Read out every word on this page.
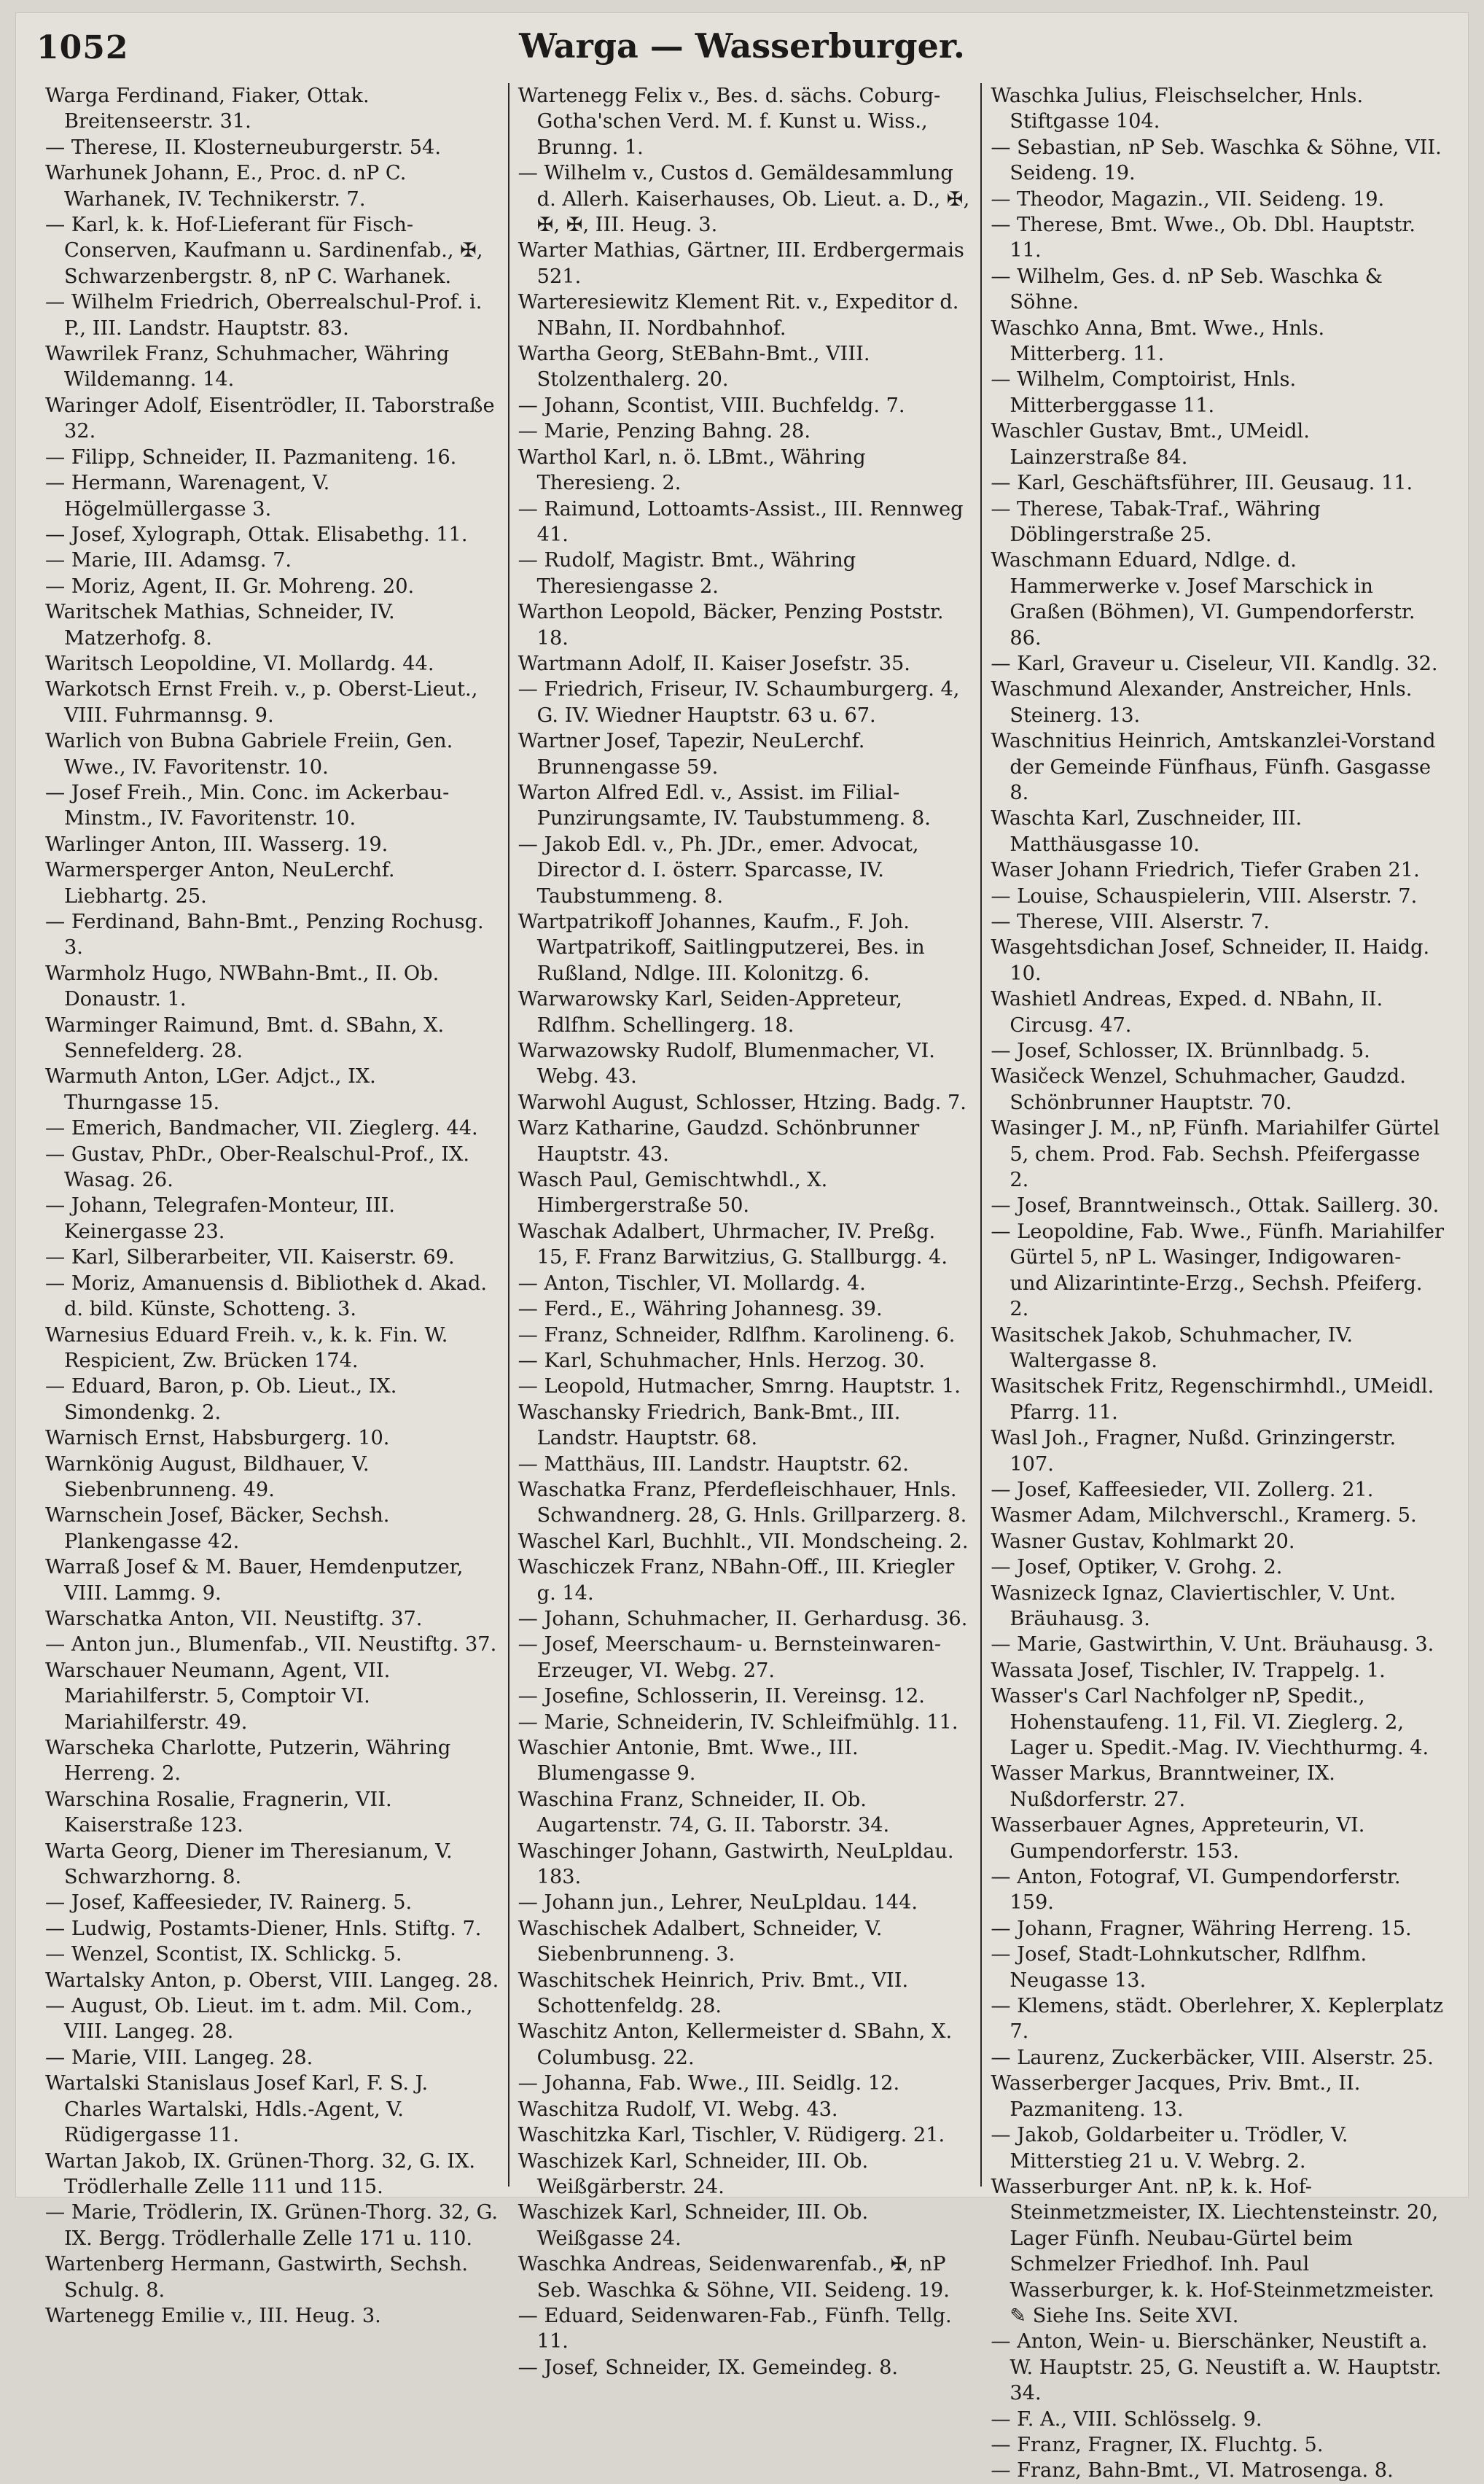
1052	Warga — Wasserburger.

Warga Ferdinand, Fiaker, Ottak. Breitenseerstr. 31.

— Therese, II. Klosterneuburgerstr. 54.

Warhunek Johann, E., Proc. d. nP C. Warhanek, IV. Technikerstr. 7.

— Karl, k. k. Hof-Lieferant für Fisch-Conserven, Kaufmann u. Sardinenfab., ✠, Schwarzenbergstr. 8, nP C. Warhanek.

— Wilhelm Friedrich, Oberrealschul-Prof. i. P., III. Landstr. Hauptstr. 83.

Wawrilek Franz, Schuhmacher, Währing Wildemanng. 14.

Waringer Adolf, Eisentrödler, II. Taborstraße 32.

— Filipp, Schneider, II. Pazmaniteng. 16.

— Hermann, Warenagent, V. Högelmüllergasse 3.

— Josef, Xylograph, Ottak. Elisabethg. 11.

— Marie, III. Adamsg. 7.

— Moriz, Agent, II. Gr. Mohreng. 20.

Waritschek Mathias, Schneider, IV. Matzerhofg. 8.

Waritsch Leopoldine, VI. Mollardg. 44.

Warkotsch Ernst Freih. v., p. Oberst-Lieut., VIII. Fuhrmannsg. 9.

Warlich von Bubna Gabriele Freiin, Gen. Wwe., IV. Favoritenstr. 10.

— Josef Freih., Min. Conc. im Ackerbau-Minstm., IV. Favoritenstr. 10.

Warlinger Anton, III. Wasserg. 19.

Warmersperger Anton, NeuLerchf. Liebhartg. 25.

— Ferdinand, Bahn-Bmt., Penzing Rochusg. 3.

Warmholz Hugo, NWBahn-Bmt., II. Ob. Donaustr. 1.

Warminger Raimund, Bmt. d. SBahn, X. Sennefelderg. 28.

Warmuth Anton, LGer. Adjct., IX. Thurngasse 15.

— Emerich, Bandmacher, VII. Zieglerg. 44.

— Gustav, PhDr., Ober-Realschul-Prof., IX. Wasag. 26.

— Johann, Telegrafen-Monteur, III. Keinergasse 23.

— Karl, Silberarbeiter, VII. Kaiserstr. 69.

— Moriz, Amanuensis d. Bibliothek d. Akad. d. bild. Künste, Schotteng. 3.

Warnesius Eduard Freih. v., k. k. Fin. W. Respicient, Zw. Brücken 174.

— Eduard, Baron, p. Ob. Lieut., IX. Simondenkg. 2.

Warnisch Ernst, Habsburgerg. 10.

Warnkönig August, Bildhauer, V. Siebenbrunneng. 49.

Warnschein Josef, Bäcker, Sechsh. Plankengasse 42.

Warraß Josef & M. Bauer, Hemdenputzer, VIII. Lammg. 9.

Warschatka Anton, VII. Neustiftg. 37.

— Anton jun., Blumenfab., VII. Neustiftg. 37.

Warschauer Neumann, Agent, VII. Mariahilferstr. 5, Comptoir VI. Mariahilferstr. 49.

Warscheka Charlotte, Putzerin, Währing Herreng. 2.

Warschina Rosalie, Fragnerin, VII. Kaiserstraße 123.

Warta Georg, Diener im Theresianum, V. Schwarzhorng. 8.

— Josef, Kaffeesieder, IV. Rainerg. 5.

— Ludwig, Postamts-Diener, Hnls. Stiftg. 7.

— Wenzel, Scontist, IX. Schlickg. 5.

Wartalsky Anton, p. Oberst, VIII. Langeg. 28.

— August, Ob. Lieut. im t. adm. Mil. Com., VIII. Langeg. 28.

— Marie, VIII. Langeg. 28.

Wartalski Stanislaus Josef Karl, F. S. J. Charles Wartalski, Hdls.-Agent, V. Rüdigergasse 11.

Wartan Jakob, IX. Grünen-Thorg. 32, G. IX. Trödlerhalle Zelle 111 und 115.

— Marie, Trödlerin, IX. Grünen-Thorg. 32, G. IX. Bergg. Trödlerhalle Zelle 171 u. 110.

Wartenberg Hermann, Gastwirth, Sechsh. Schulg. 8.

Wartenegg Emilie v., III. Heug. 3.

Wartenegg Felix v., Bes. d. sächs. Coburg-Gotha'schen Verd. M. f. Kunst u. Wiss., Brunng. 1.

— Wilhelm v., Custos d. Gemäldesammlung d. Allerh. Kaiserhauses, Ob. Lieut. a. D., ✠, ✠, ✠, III. Heug. 3.

Warter Mathias, Gärtner, III. Erdbergermais 521.

Warteresiewitz Klement Rit. v., Expeditor d. NBahn, II. Nordbahnhof.

Wartha Georg, StEBahn-Bmt., VIII. Stolzenthalerg. 20.

— Johann, Scontist, VIII. Buchfeldg. 7.

— Marie, Penzing Bahng. 28.

Warthol Karl, n. ö. LBmt., Währing Theresieng. 2.

— Raimund, Lottoamts-Assist., III. Rennweg 41.

— Rudolf, Magistr. Bmt., Währing Theresiengasse 2.

Warthon Leopold, Bäcker, Penzing Poststr. 18.

Wartmann Adolf, II. Kaiser Josefstr. 35.

— Friedrich, Friseur, IV. Schaumburgerg. 4, G. IV. Wiedner Hauptstr. 63 u. 67.

Wartner Josef, Tapezir, NeuLerchf. Brunnengasse 59.

Warton Alfred Edl. v., Assist. im Filial-Punzirungsamte, IV. Taubstummeng. 8.

— Jakob Edl. v., Ph. JDr., emer. Advocat, Director d. I. österr. Sparcasse, IV. Taubstummeng. 8.

Wartpatrikoff Johannes, Kaufm., F. Joh. Wartpatrikoff, Saitlingputzerei, Bes. in Rußland, Ndlge. III. Kolonitzg. 6.

Warwarowsky Karl, Seiden-Appreteur, Rdlfhm. Schellingerg. 18.

Warwazowsky Rudolf, Blumenmacher, VI. Webg. 43.

Warwohl August, Schlosser, Htzing. Badg. 7.

Warz Katharine, Gaudzd. Schönbrunner Hauptstr. 43.

Wasch Paul, Gemischtwhdl., X. Himbergerstraße 50.

Waschak Adalbert, Uhrmacher, IV. Preßg. 15, F. Franz Barwitzius, G. Stallburgg. 4.

— Anton, Tischler, VI. Mollardg. 4.

— Ferd., E., Währing Johannesg. 39.

— Franz, Schneider, Rdlfhm. Karolineng. 6.

— Karl, Schuhmacher, Hnls. Herzog. 30.

— Leopold, Hutmacher, Smrng. Hauptstr. 1.

Waschansky Friedrich, Bank-Bmt., III. Landstr. Hauptstr. 68.

— Matthäus, III. Landstr. Hauptstr. 62.

Waschatka Franz, Pferdefleischhauer, Hnls. Schwandnerg. 28, G. Hnls. Grillparzerg. 8.

Waschel Karl, Buchhlt., VII. Mondscheing. 2.

Waschiczek Franz, NBahn-Off., III. Kriegler g. 14.

— Johann, Schuhmacher, II. Gerhardusg. 36.

— Josef, Meerschaum- u. Bernsteinwaren-Erzeuger, VI. Webg. 27.

— Josefine, Schlosserin, II. Vereinsg. 12.

— Marie, Schneiderin, IV. Schleifmühlg. 11.

Waschier Antonie, Bmt. Wwe., III. Blumengasse 9.

Waschina Franz, Schneider, II. Ob. Augartenstr. 74, G. II. Taborstr. 34.

Waschinger Johann, Gastwirth, NeuLpldau. 183.

— Johann jun., Lehrer, NeuLpldau. 144.

Waschischek Adalbert, Schneider, V. Siebenbrunneng. 3.

Waschitschek Heinrich, Priv. Bmt., VII. Schottenfeldg. 28.

Waschitz Anton, Kellermeister d. SBahn, X. Columbusg. 22.

— Johanna, Fab. Wwe., III. Seidlg. 12.

Waschitza Rudolf, VI. Webg. 43.

Waschitzka Karl, Tischler, V. Rüdigerg. 21.

Waschizek Karl, Schneider, III. Ob. Weißgärberstr. 24.

Waschizek Karl, Schneider, III. Ob. Weißgasse 24.

Waschka Andreas, Seidenwarenfab., ✠, nP Seb. Waschka & Söhne, VII. Seideng. 19.

— Eduard, Seidenwaren-Fab., Fünfh. Tellg. 11.

— Josef, Schneider, IX. Gemeindeg. 8.

Waschka Julius, Fleischselcher, Hnls. Stiftgasse 104.

— Sebastian, nP Seb. Waschka & Söhne, VII. Seideng. 19.

— Theodor, Magazin., VII. Seideng. 19.

— Therese, Bmt. Wwe., Ob. Dbl. Hauptstr. 11.

— Wilhelm, Ges. d. nP Seb. Waschka & Söhne.

Waschko Anna, Bmt. Wwe., Hnls. Mitterberg. 11.

— Wilhelm, Comptoirist, Hnls. Mitterberggasse 11.

Waschler Gustav, Bmt., UMeidl. Lainzerstraße 84.

— Karl, Geschäftsführer, III. Geusaug. 11.

— Therese, Tabak-Traf., Währing Döblingerstraße 25.

Waschmann Eduard, Ndlge. d. Hammerwerke v. Josef Marschick in Graßen (Böhmen), VI. Gumpendorferstr. 86.

— Karl, Graveur u. Ciseleur, VII. Kandlg. 32.

Waschmund Alexander, Anstreicher, Hnls. Steinerg. 13.

Waschnitius Heinrich, Amtskanzlei-Vorstand der Gemeinde Fünfhaus, Fünfh. Gasgasse 8.

Waschta Karl, Zuschneider, III. Matthäusgasse 10.

Waser Johann Friedrich, Tiefer Graben 21.

— Louise, Schauspielerin, VIII. Alserstr. 7.

— Therese, VIII. Alserstr. 7.

Wasgehtsdichan Josef, Schneider, II. Haidg. 10.

Washietl Andreas, Exped. d. NBahn, II. Circusg. 47.

— Josef, Schlosser, IX. Brünnlbadg. 5.

Wasičeck Wenzel, Schuhmacher, Gaudzd. Schönbrunner Hauptstr. 70.

Wasinger J. M., nP, Fünfh. Mariahilfer Gürtel 5, chem. Prod. Fab. Sechsh. Pfeifergasse 2.

— Josef, Branntweinsch., Ottak. Saillerg. 30.

— Leopoldine, Fab. Wwe., Fünfh. Mariahilfer Gürtel 5, nP L. Wasinger, Indigowaren- und Alizarintinte-Erzg., Sechsh. Pfeiferg. 2.

Wasitschek Jakob, Schuhmacher, IV. Waltergasse 8.

Wasitschek Fritz, Regenschirmhdl., UMeidl. Pfarrg. 11.

Wasl Joh., Fragner, Nußd. Grinzingerstr. 107.

— Josef, Kaffeesieder, VII. Zollerg. 21.

Wasmer Adam, Milchverschl., Kramerg. 5.

Wasner Gustav, Kohlmarkt 20.

— Josef, Optiker, V. Grohg. 2.

Wasnizeck Ignaz, Claviertischler, V. Unt. Bräuhausg. 3.

— Marie, Gastwirthin, V. Unt. Bräuhausg. 3.

Wassata Josef, Tischler, IV. Trappelg. 1.

Wasser's Carl Nachfolger nP, Spedit., Hohenstaufeng. 11, Fil. VI. Zieglerg. 2, Lager u. Spedit.-Mag. IV. Viechthurmg. 4.

Wasser Markus, Branntweiner, IX. Nußdorferstr. 27.

Wasserbauer Agnes, Appreteurin, VI. Gumpendorferstr. 153.

— Anton, Fotograf, VI. Gumpendorferstr. 159.

— Johann, Fragner, Währing Herreng. 15.

— Josef, Stadt-Lohnkutscher, Rdlfhm. Neugasse 13.

— Klemens, städt. Oberlehrer, X. Keplerplatz 7.

— Laurenz, Zuckerbäcker, VIII. Alserstr. 25.

Wasserberger Jacques, Priv. Bmt., II. Pazmaniteng. 13.

— Jakob, Goldarbeiter u. Trödler, V. Mitterstieg 21 u. V. Webrg. 2.

Wasserburger Ant. nP, k. k. Hof-Steinmetzmeister, IX. Liechtensteinstr. 20, Lager Fünfh. Neubau-Gürtel beim Schmelzer Friedhof. Inh. Paul Wasserburger, k. k. Hof-Steinmetzmeister. ✎ Siehe Ins. Seite XVI.

— Anton, Wein- u. Bierschänker, Neustift a. W. Hauptstr. 25, G. Neustift a. W. Hauptstr. 34.

— F. A., VIII. Schlösselg. 9.

— Franz, Fragner, IX. Fluchtg. 5.

— Franz, Bahn-Bmt., VI. Matrosenga. 8.
